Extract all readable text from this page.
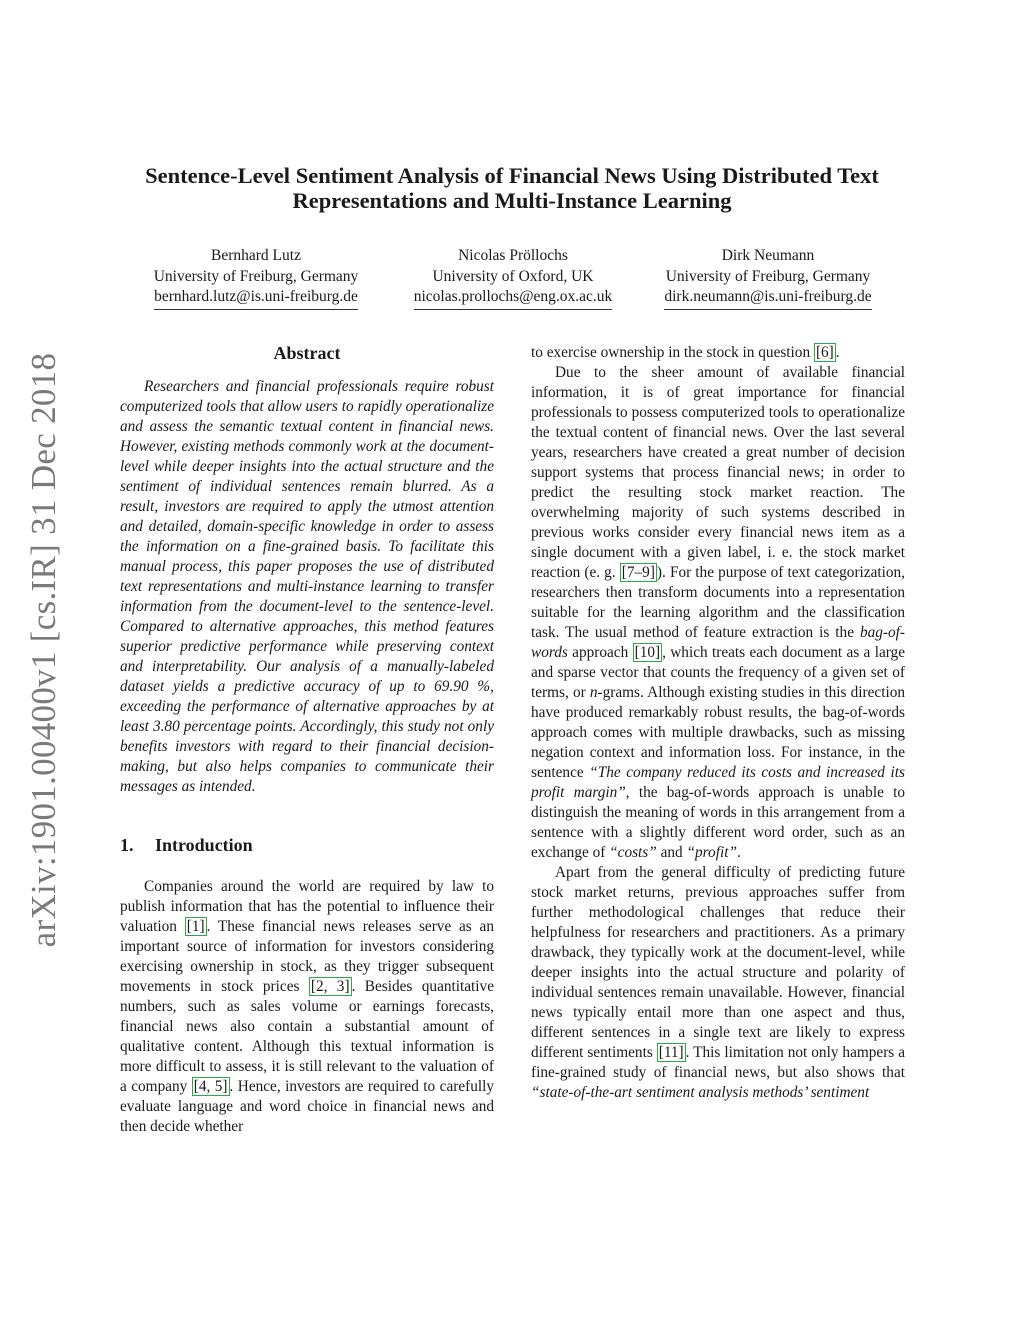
arXiv:1901.00400v1 [cs.IR] 31 Dec 2018
Sentence-Level Sentiment Analysis of Financial News Using Distributed Text Representations and Multi-Instance Learning
Bernhard Lutz
University of Freiburg, Germany
bernhard.lutz@is.uni-freiburg.de
Nicolas Pröllochs
University of Oxford, UK
nicolas.prollochs@eng.ox.ac.uk
Dirk Neumann
University of Freiburg, Germany
dirk.neumann@is.uni-freiburg.de
Abstract

Researchers and financial professionals require robust computerized tools that allow users to rapidly operationalize and assess the semantic textual content in financial news. However, existing methods commonly work at the document-level while deeper insights into the actual structure and the sentiment of individual sentences remain blurred. As a result, investors are required to apply the utmost attention and detailed, domain-specific knowledge in order to assess the information on a fine-grained basis. To facilitate this manual process, this paper proposes the use of distributed text representations and multi-instance learning to transfer information from the document-level to the sentence-level. Compared to alternative approaches, this method features superior predictive performance while preserving context and interpretability. Our analysis of a manually-labeled dataset yields a predictive accuracy of up to 69.90 %, exceeding the performance of alternative approaches by at least 3.80 percentage points. Accordingly, this study not only benefits investors with regard to their financial decision-making, but also helps companies to communicate their messages as intended.

1. Introduction

Companies around the world are required by law to publish information that has the potential to influence their valuation [1] . These financial news releases serve as an important source of information for investors considering exercising ownership in stock, as they trigger subsequent movements in stock prices [2, 3] . Besides quantitative numbers, such as sales volume or earnings forecasts, financial news also contain a substantial amount of qualitative content. Although this textual information is more difficult to assess, it is still relevant to the valuation of a company [4, 5] . Hence, investors are required to carefully evaluate language and word choice in financial news and then decide whether

to exercise ownership in the stock in question [6] .

Due to the sheer amount of available financial information, it is of great importance for financial professionals to possess computerized tools to operationalize the textual content of financial news. Over the last several years, researchers have created a great number of decision support systems that process financial news; in order to predict the resulting stock market reaction. The overwhelming majority of such systems described in previous works consider every financial news item as a single document with a given label, i. e. the stock market reaction (e. g. [7–9] ). For the purpose of text categorization, researchers then transform documents into a representation suitable for the learning algorithm and the classification task. The usual method of feature extraction is the bag-of-words approach [10] , which treats each document as a large and sparse vector that counts the frequency of a given set of terms, or n-grams. Although existing studies in this direction have produced remarkably robust results, the bag-of-words approach comes with multiple drawbacks, such as missing negation context and information loss. For instance, in the sentence “The company reduced its costs and increased its profit margin”, the bag-of-words approach is unable to distinguish the meaning of words in this arrangement from a sentence with a slightly different word order, such as an exchange of “costs” and “profit”.

Apart from the general difficulty of predicting future stock market returns, previous approaches suffer from further methodological challenges that reduce their helpfulness for researchers and practitioners. As a primary drawback, they typically work at the document-level, while deeper insights into the actual structure and polarity of individual sentences remain unavailable. However, financial news typically entail more than one aspect and thus, different sentences in a single text are likely to express different sentiments [11] . This limitation not only hampers a fine-grained study of financial news, but also shows that “state-of-the-art sentiment analysis methods’ sentiment
